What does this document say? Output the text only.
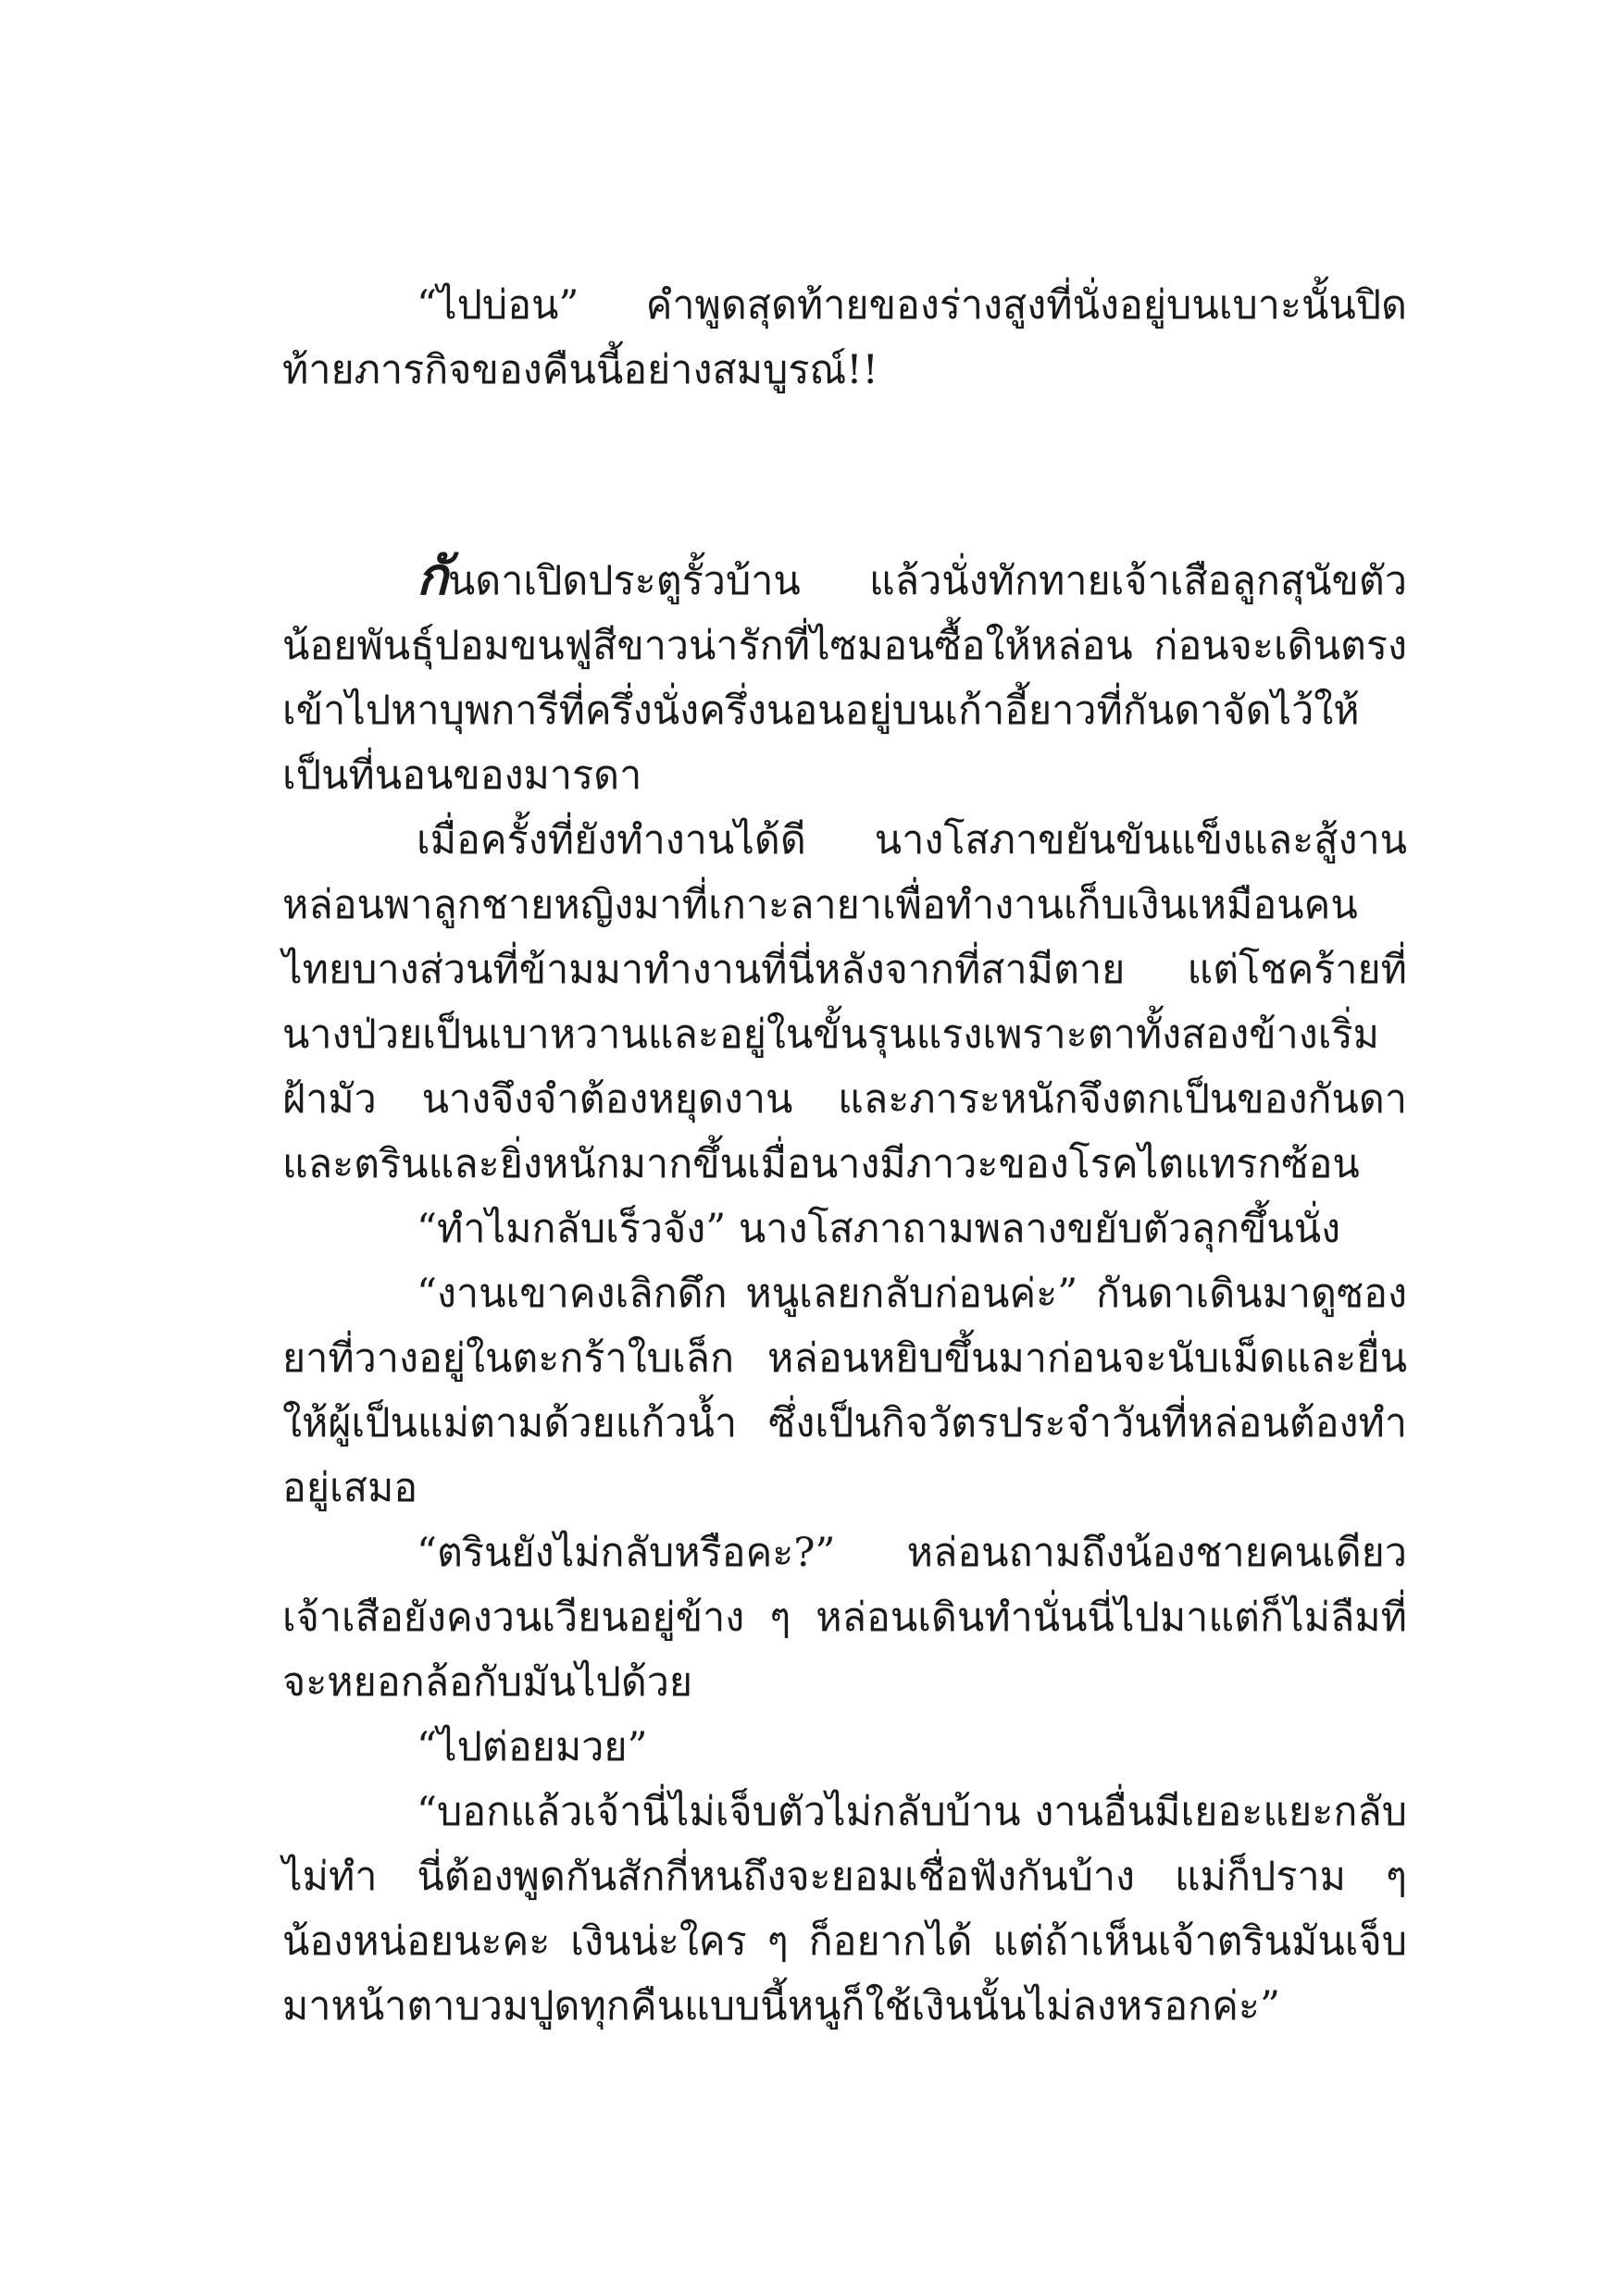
“ไปบ่อน” คำพูดสุดท้ายของร่างสูงที่นั่งอยู่บนเบาะนั้นปิดท้ายภารกิจของคืนนี้อย่างสมบูรณ์!!

กันดาเปิดประตูรั้วบ้าน แล้วนั่งทักทายเจ้าเสือลูกสุนัขตัวน้อยพันธุ์ปอมขนฟูสีขาวน่ารักที่ไซมอนซื้อให้หล่อน ก่อนจะเดินตรงเข้าไปหาบุพการีที่ครึ่งนั่งครึ่งนอนอยู่บนเก้าอี้ยาวที่กันดาจัดไว้ให้เป็นที่นอนของมารดา

เมื่อครั้งที่ยังทำงานได้ดี นางโสภาขยันขันแข็งและสู้งานหล่อนพาลูกชายหญิงมาที่เกาะลายาเพื่อทำงานเก็บเงินเหมือนคนไทยบางส่วนที่ข้ามมาทำงานที่นี่หลังจากที่สามีตาย แต่โชคร้ายที่นางป่วยเป็นเบาหวานและอยู่ในขั้นรุนแรงเพราะตาทั้งสองข้างเริ่มฝ้ามัว นางจึงจำต้องหยุดงาน และภาระหนักจึงตกเป็นของกันดาและตรินและยิ่งหนักมากขึ้นเมื่อนางมีภาวะของโรคไตแทรกซ้อน

“ทำไมกลับเร็วจัง” นางโสภาถามพลางขยับตัวลุกขึ้นนั่ง

“งานเขาคงเลิกดึก หนูเลยกลับก่อนค่ะ” กันดาเดินมาดูซองยาที่วางอยู่ในตะกร้าใบเล็ก หล่อนหยิบขึ้นมาก่อนจะนับเม็ดและยื่นให้ผู้เป็นแม่ตามด้วยแก้วน้ำ ซึ่งเป็นกิจวัตรประจำวันที่หล่อนต้องทำอยู่เสมอ

“ตรินยังไม่กลับหรือคะ?” หล่อนถามถึงน้องชายคนเดียวเจ้าเสือยังคงวนเวียนอยู่ข้าง ๆ หล่อนเดินทำนั่นนี่ไปมาแต่ก็ไม่ลืมที่จะหยอกล้อกับมันไปด้วย

“ไปต่อยมวย”

“บอกแล้วเจ้านี่ไม่เจ็บตัวไม่กลับบ้าน งานอื่นมีเยอะแยะกลับไม่ทำ นี่ต้องพูดกันสักกี่หนถึงจะยอมเชื่อฟังกันบ้าง แม่ก็ปราม ๆ น้องหน่อยนะคะ เงินน่ะใคร ๆ ก็อยากได้ แต่ถ้าเห็นเจ้าตรินมันเจ็บมาหน้าตาบวมปูดทุกคืนแบบนี้หนูก็ใช้เงินนั้นไม่ลงหรอกค่ะ”
